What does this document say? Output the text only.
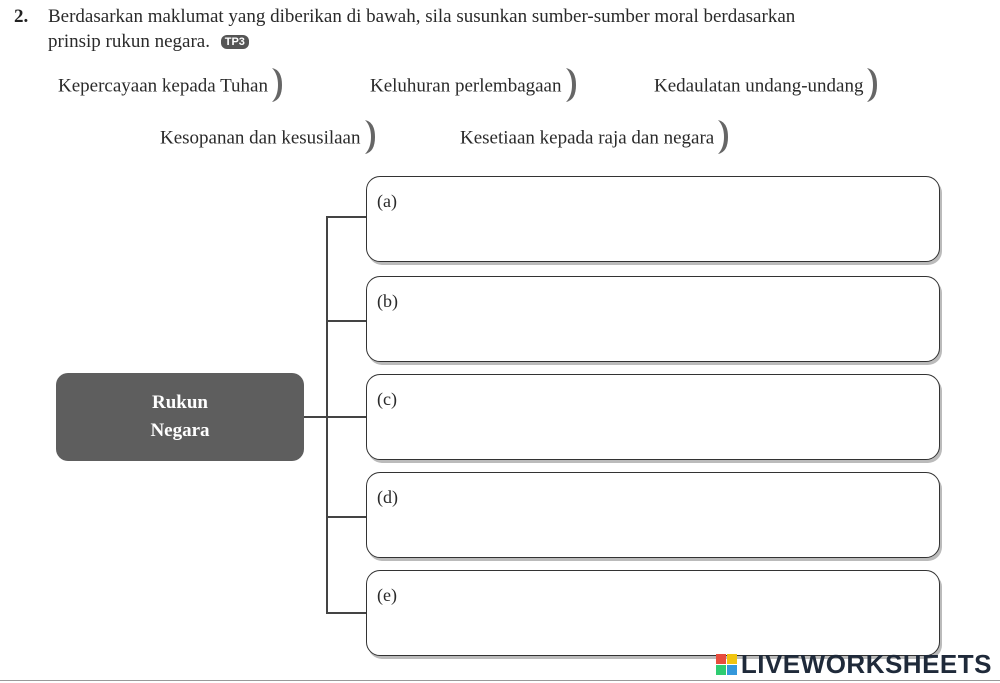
2. Berdasarkan maklumat yang diberikan di bawah, sila susunkan sumber-sumber moral berdasarkan
prinsip rukun negara. TP3
Kepercayaan kepada Tuhan	Keluhuran perlembagaan	Kedaulatan undang-undang
Kesopanan dan kesusilaan	Kesetiaan kepada raja dan negara
Rukun
Negara
(a)
(b)
(c)
(d)
(e)
LIVEWORKSHEETS
